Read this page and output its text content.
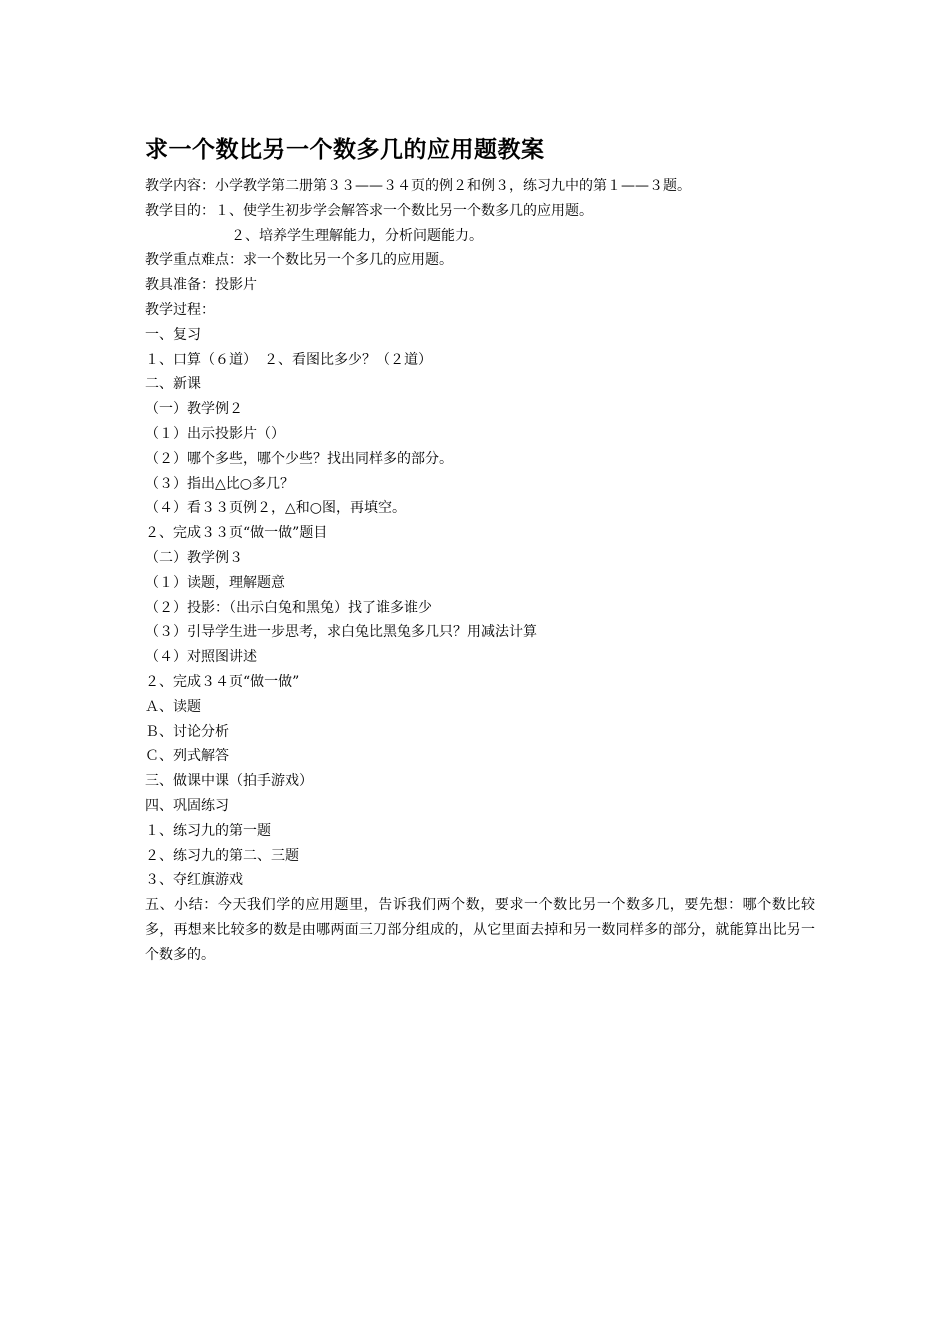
求一个数比另一个数多几的应用题教案
教学内容：小学教学第二册第３３——３４页的例２和例３，练习九中的第１——３题。
教学目的：１、使学生初步学会解答求一个数比另一个数多几的应用题。
２、培养学生理解能力，分析问题能力。
教学重点难点：求一个数比另一个多几的应用题。
教具准备：投影片
教学过程：
一、复习
１、口算（６道）　２、看图比多少？（２道）
二、新课
（一）教学例２
（１）出示投影片（）
（２）哪个多些，哪个少些？找出同样多的部分。
（３）指出△比○多几？
（４）看３３页例２，△和○图，再填空。
２、完成３３页“做一做”题目
（二）教学例３
（１）读题，理解题意
（２）投影：（出示白兔和黑兔）找了谁多谁少
（３）引导学生进一步思考，求白兔比黑兔多几只？用减法计算
（４）对照图讲述
２、完成３４页“做一做”
Ａ、读题
Ｂ、讨论分析
Ｃ、列式解答
三、做课中课（拍手游戏）
四、巩固练习
１、练习九的第一题
２、练习九的第二、三题
３、夺红旗游戏
五、小结：今天我们学的应用题里，告诉我们两个数，要求一个数比另一个数多几，要先想：哪个数比较多，再想来比较多的数是由哪两面三刀部分组成的，从它里面去掉和另一数同样多的部分，就能算出比另一个数多的。
